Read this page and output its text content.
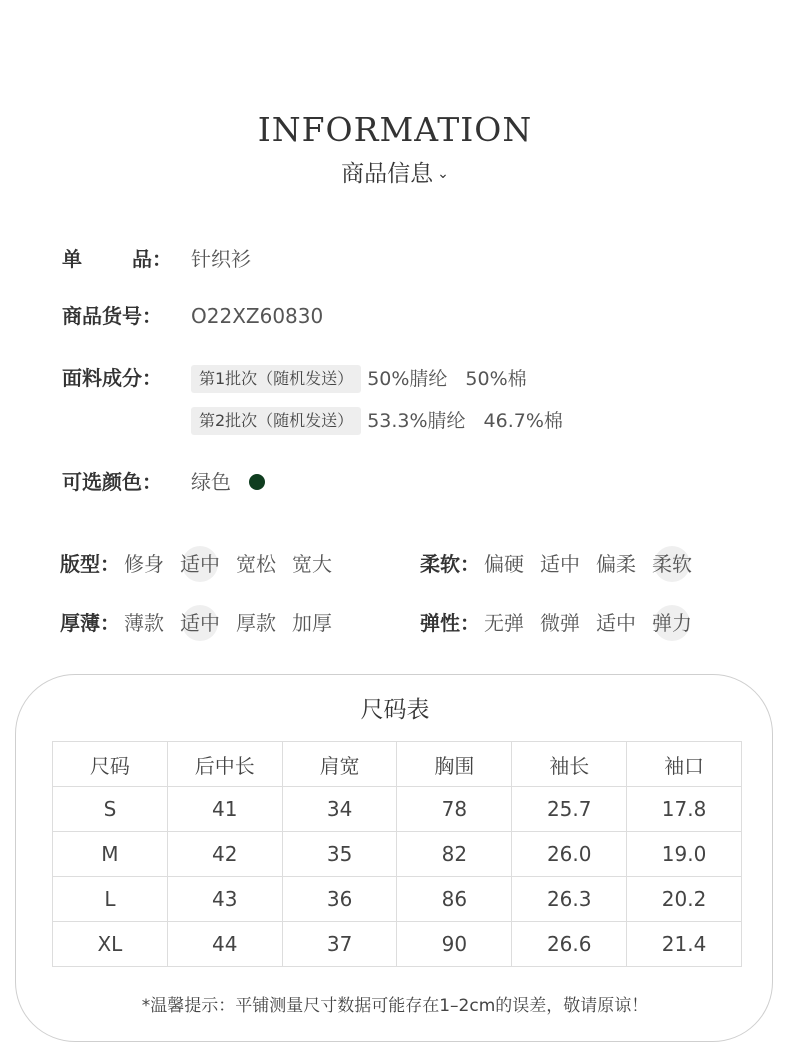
INFORMATION
商品信息 ⌄
单	品： 针织衫
商品货号： O22XZ60830
面料成分：	第1批次（随机发送） 50%腈纶 50%棉
第2批次（随机发送） 53.3%腈纶 46.7%棉
可选颜色： 绿色
版型： 修身 适中 宽松 宽大	柔软： 偏硬 适中 偏柔 柔软
厚薄： 薄款 适中 厚款 加厚	弹性： 无弹 微弹 适中 弹力
尺码表
尺码	后中长	肩宽	胸围	袖长	袖口
S	41	34	78	25.7	17.8
M	42	35	82	26.0	19.0
L	43	36	86	26.3	20.2
XL	44	37	90	26.6	21.4
*温馨提示：平铺测量尺寸数据可能存在1–2cm的误差，敬请原谅！
